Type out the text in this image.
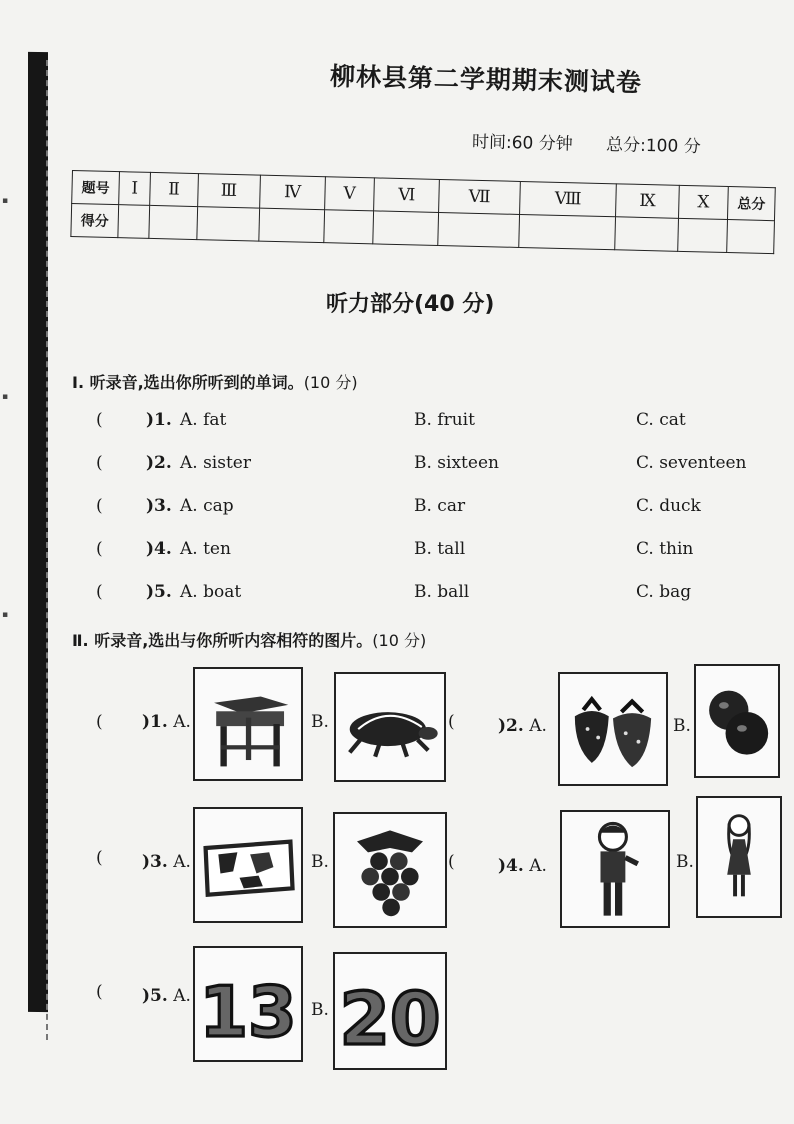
▪
▪
▪
柳林县第二学期期末测试卷
时间:60 分钟 总分:100 分
题号	I	Ⅱ	Ⅲ	Ⅳ	Ⅴ	Ⅵ	Ⅶ	Ⅷ	Ⅸ	Ⅹ	总分
得分											
听力部分(40 分)
Ⅰ. 听录音,选出你所听到的单词。(10 分)
(	)1. A. fat	B. fruit	C. cat
(	)2. A. sister	B. sixteen	C. seventeen
(	)3. A. cap	B. car	C. duck
(	)4. A. ten	B. tall	C. thin
(	)5. A. boat	B. ball	C. bag
Ⅱ. 听录音,选出与你所听内容相符的图片。(10 分)
( )1. A.	B.	(	)2. A.	B.
( )3. A.	B.	(	)4. A.	B.
( )5. A. 13 B. 20
